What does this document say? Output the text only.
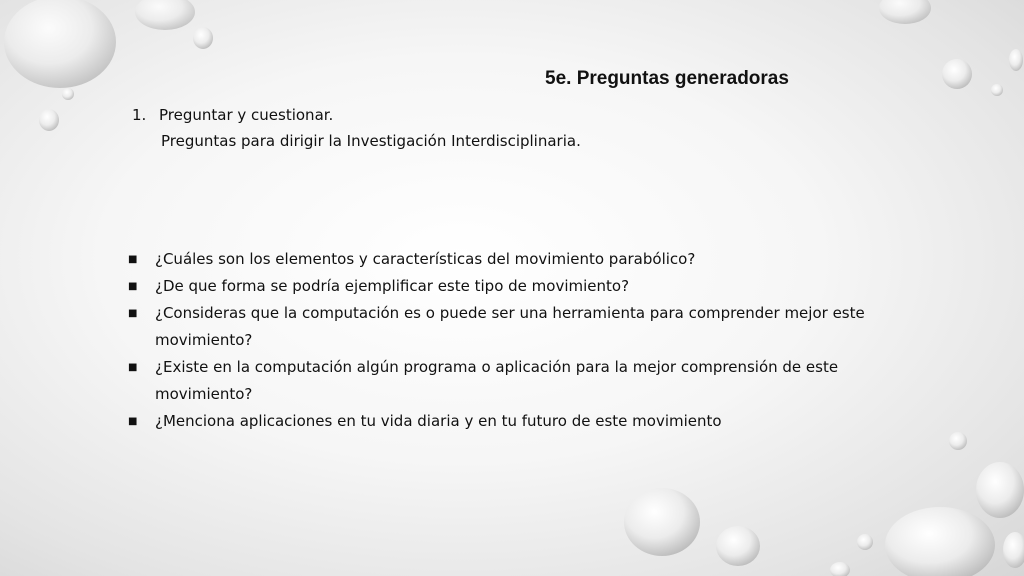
5e. Preguntas generadoras
1. Preguntar y cuestionar.
Preguntas para dirigir la Investigación Interdisciplinaria.
■ ¿Cuáles son los elementos y características del movimiento parabólico?
■ ¿De que forma se podría ejemplificar este tipo de movimiento?
■ ¿Consideras que la computación es o puede ser una herramienta para comprender mejor este movimiento?
■ ¿Existe en la computación algún programa o aplicación para la mejor comprensión de este movimiento?
■ ¿Menciona aplicaciones en tu vida diaria y en tu futuro de este movimiento
